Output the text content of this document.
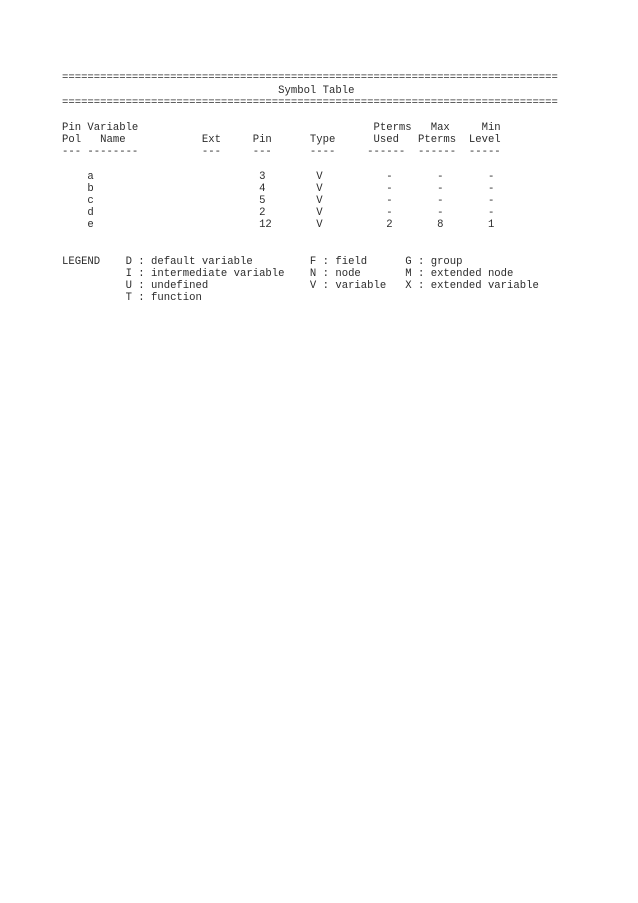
==============================================================================
Symbol Table
==============================================================================
Pin Variable                                     Pterms   Max     Min
Pol   Name            Ext     Pin      Type      Used   Pterms  Level
--- --------          ---     ---      ----     ------  ------  -----
a                          3        V          -       -       -
b                          4        V          -       -       -
c                          5        V          -       -       -
d                          2        V          -       -       -
e                          12       V          2       8       1
LEGEND    D : default variable         F : field      G : group
I : intermediate variable    N : node       M : extended node
U : undefined                V : variable   X : extended variable
T : function
